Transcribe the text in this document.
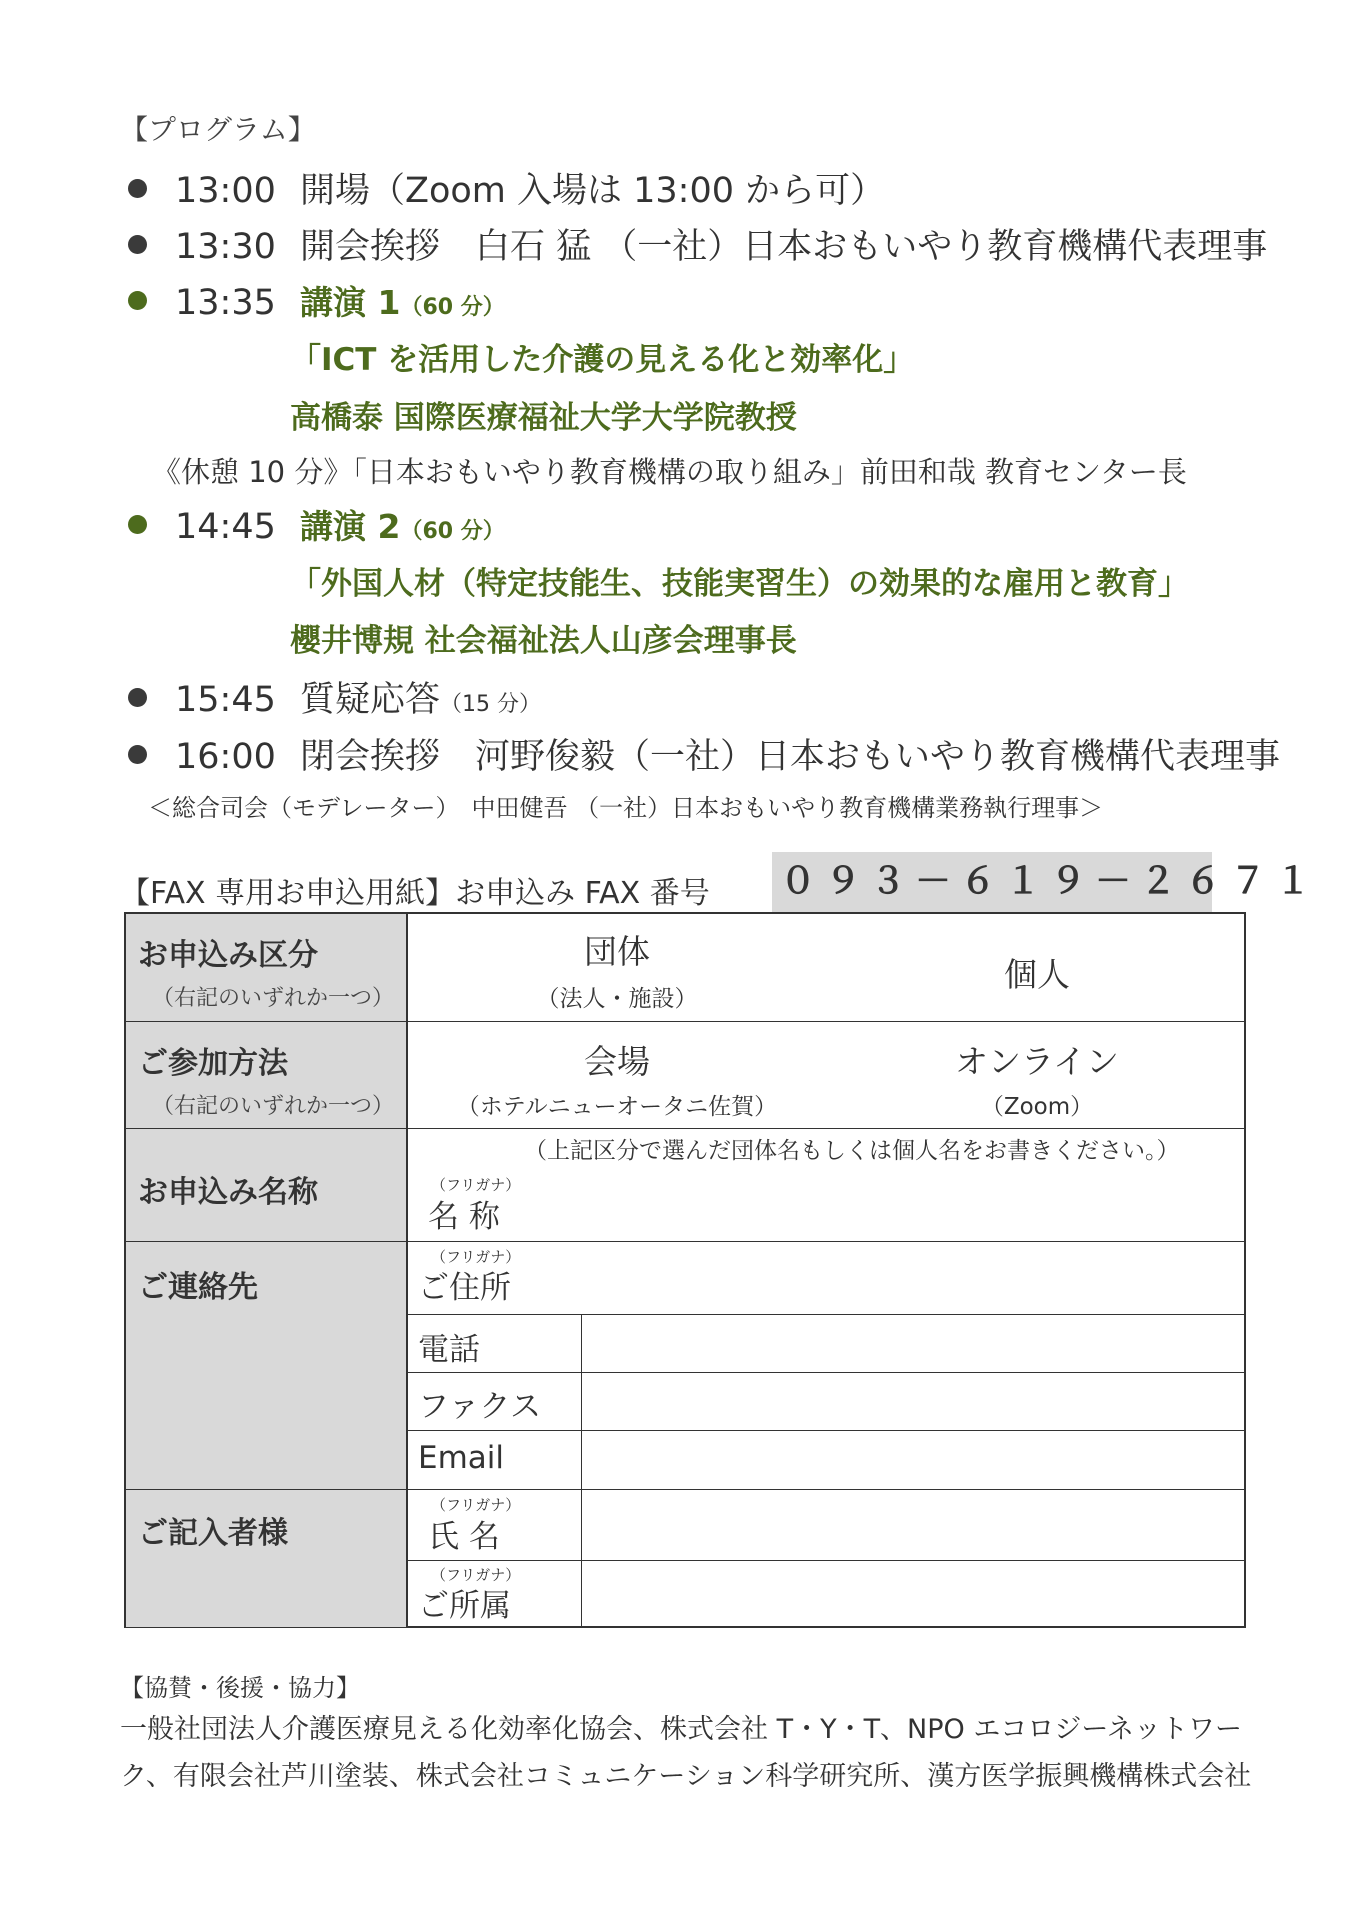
【プログラム】
13:00 開場（Zoom 入場は 13:00 から可）
13:30 開会挨拶　白石 猛 （一社）日本おもいやり教育機構代表理事
13:35 講演 1（60 分）
「ICT を活用した介護の見える化と効率化」
高橋泰 国際医療福祉大学大学院教授
《休憩 10 分》「日本おもいやり教育機構の取り組み」前田和哉 教育センター長
14:45 講演 2（60 分）
「外国人材（特定技能生、技能実習生）の効果的な雇用と教育」
櫻井博規 社会福祉法人山彦会理事長
15:45 質疑応答（15 分）
16:00 閉会挨拶　河野俊毅（一社）日本おもいやり教育機構代表理事
＜総合司会（モデレーター）　中田健吾 （一社）日本おもいやり教育機構業務執行理事＞
【FAX 専用お申込用紙】お申込み FAX 番号 ０９３－６１９－２６７１
お申込み区分
（右記のいずれか一つ）
団体
（法人・施設）
個人
ご参加方法
（右記のいずれか一つ）
会場
（ホテルニューオータニ佐賀）
オンライン
（Zoom）
お申込み名称
（上記区分で選んだ団体名もしくは個人名をお書きください。）
（フリガナ）
名 称
ご連絡先
（フリガナ）
ご住所
電話
ファクス
Email
ご記入者様
（フリガナ）
氏 名
（フリガナ）
ご所属
【協賛・後援・協力】
一般社団法人介護医療見える化効率化協会、株式会社 T・Y・T、NPO エコロジーネットワーク、有限会社芦川塗装、株式会社コミュニケーション科学研究所、漢方医学振興機構株式会社
